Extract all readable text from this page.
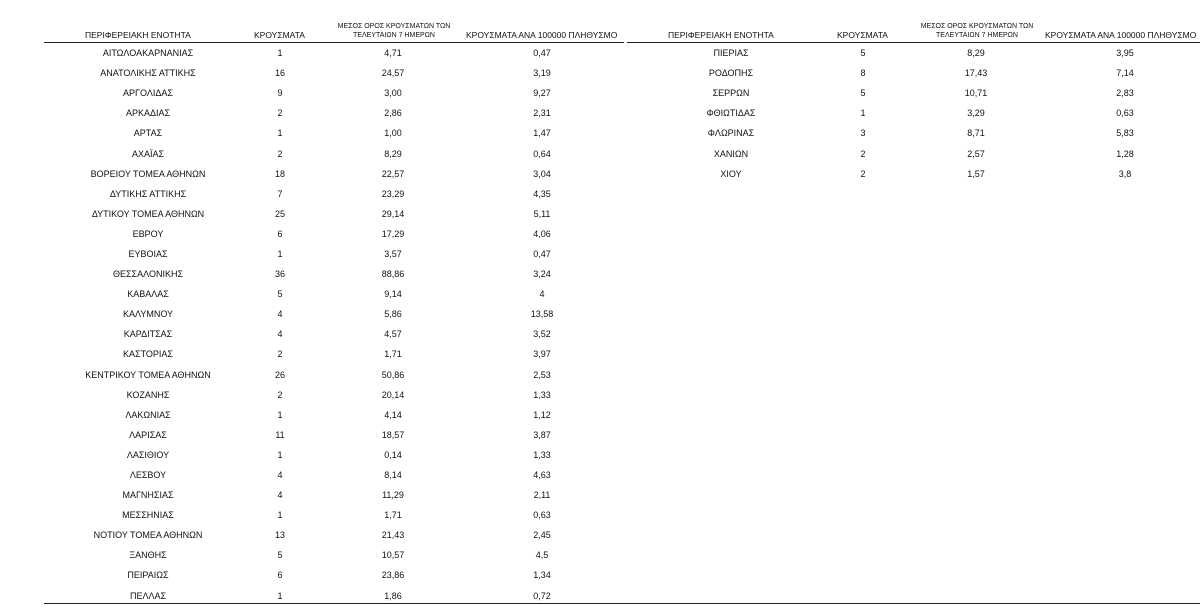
ΠΕΡΙΦΕΡΕΙΑΚΗ ΕΝΟΤΗΤΑ	ΚΡΟΥΣΜΑΤΑ
ΜΕΣΟΣ ΟΡΟΣ ΚΡΟΥΣΜΑΤΩΝ ΤΩΝ
ΤΕΛΕΥΤΑΙΩΝ 7 ΗΜΕΡΩΝ	ΚΡΟΥΣΜΑΤΑ ΑΝΑ 100000 ΠΛΗΘΥΣΜΟ
ΑΙΤΩΛΟΑΚΑΡΝΑΝΙΑΣ	1	4,71	0,47
ΑΝΑΤΟΛΙΚΗΣ ΑΤΤΙΚΗΣ	16	24,57	3,19
ΑΡΓΟΛΙΔΑΣ	9	3,00	9,27
ΑΡΚΑΔΙΑΣ	2	2,86	2,31
ΑΡΤΑΣ	1	1,00	1,47
ΑΧΑΪΑΣ	2	8,29	0,64
ΒΟΡΕΙΟΥ ΤΟΜΕΑ ΑΘΗΝΩΝ	18	22,57	3,04
ΔΥΤΙΚΗΣ ΑΤΤΙΚΗΣ	7	23,29	4,35
ΔΥΤΙΚΟΥ ΤΟΜΕΑ ΑΘΗΝΩΝ	25	29,14	5,11
ΕΒΡΟΥ	6	17,29	4,06
ΕΥΒΟΙΑΣ	1	3,57	0,47
ΘΕΣΣΑΛΟΝΙΚΗΣ	36	88,86	3,24
ΚΑΒΑΛΑΣ	5	9,14	4
ΚΑΛΥΜΝΟΥ	4	5,86	13,58
ΚΑΡΔΙΤΣΑΣ	4	4,57	3,52
ΚΑΣΤΟΡΙΑΣ	2	1,71	3,97
ΚΕΝΤΡΙΚΟΥ ΤΟΜΕΑ ΑΘΗΝΩΝ	26	50,86	2,53
ΚΟΖΑΝΗΣ	2	20,14	1,33
ΛΑΚΩΝΙΑΣ	1	4,14	1,12
ΛΑΡΙΣΑΣ	11	18,57	3,87
ΛΑΣΙΘΙΟΥ	1	0,14	1,33
ΛΕΣΒΟΥ	4	8,14	4,63
ΜΑΓΝΗΣΙΑΣ	4	11,29	2,11
ΜΕΣΣΗΝΙΑΣ	1	1,71	0,63
ΝΟΤΙΟΥ ΤΟΜΕΑ ΑΘΗΝΩΝ	13	21,43	2,45
ΞΑΝΘΗΣ	5	10,57	4,5
ΠΕΙΡΑΙΩΣ	6	23,86	1,34
ΠΕΛΛΑΣ	1	1,86	0,72
ΠΕΡΙΦΕΡΕΙΑΚΗ ΕΝΟΤΗΤΑ	ΚΡΟΥΣΜΑΤΑ
ΜΕΣΟΣ ΟΡΟΣ ΚΡΟΥΣΜΑΤΩΝ ΤΩΝ
ΤΕΛΕΥΤΑΙΩΝ 7 ΗΜΕΡΩΝ	ΚΡΟΥΣΜΑΤΑ ΑΝΑ 100000 ΠΛΗΘΥΣΜΟ
ΠΙΕΡΙΑΣ	5	8,29	3,95
ΡΟΔΟΠΗΣ	8	17,43	7,14
ΣΕΡΡΩΝ	5	10,71	2,83
ΦΘΙΩΤΙΔΑΣ	1	3,29	0,63
ΦΛΩΡΙΝΑΣ	3	8,71	5,83
ΧΑΝΙΩΝ	2	2,57	1,28
ΧΙΟΥ	2	1,57	3,8
